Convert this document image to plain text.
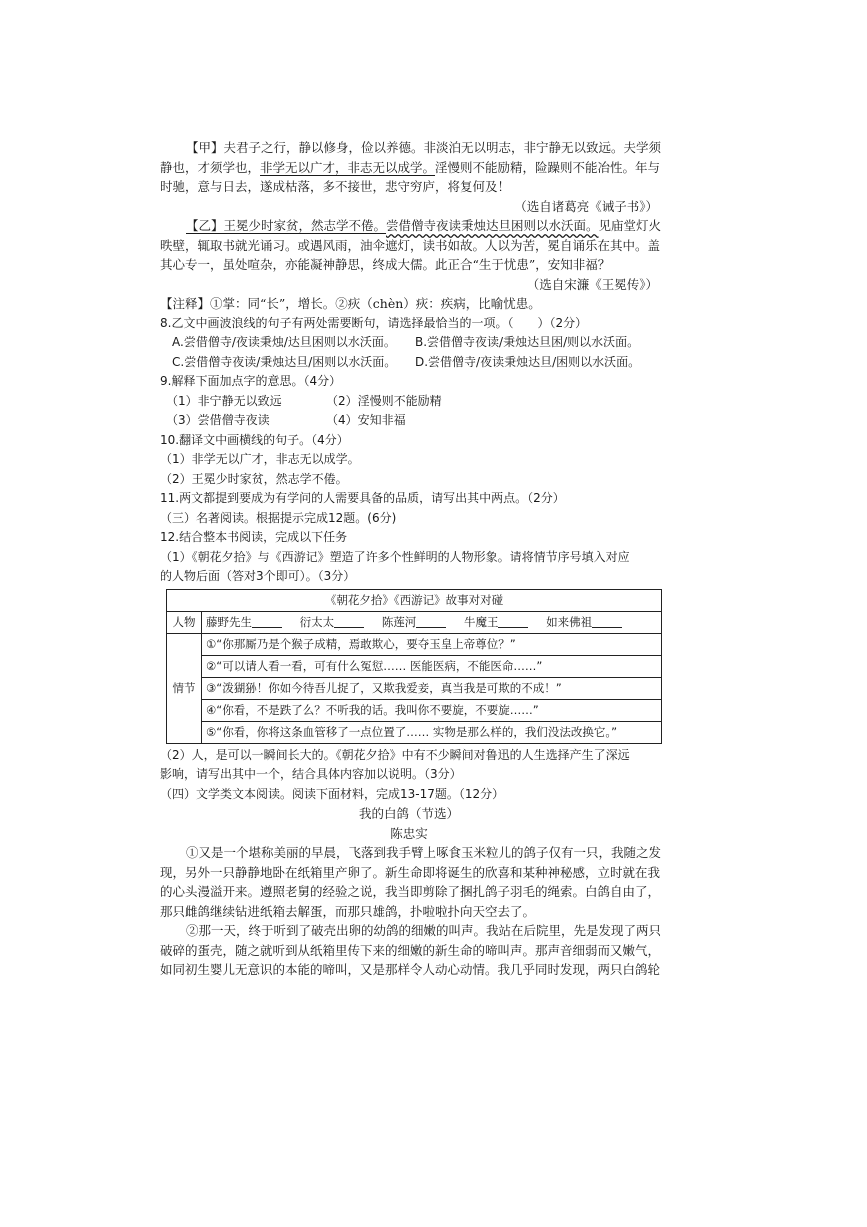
【甲】夫君子之行，静以修身，俭以养德。非淡泊无以明志，非宁静无以致远。夫学须
静也，才须学也，非学无以广才，非志无以成学。淫慢则不能励精，险躁则不能冶性。年与
时驰，意与日去，遂成枯落，多不接世，悲守穷庐，将复何及！
（选自诸葛亮《诫子书》）
【乙】王冕少时家贫，然志学不倦。尝借僧寺夜读秉烛达旦困则以水沃面。见庙堂灯火
昳壁，辄取书就光诵习。或遇风雨，油伞遮灯，读书如故。人以为苦，冕自诵乐在其中。盖
其心专一，虽处喧杂，亦能凝神静思，终成大儒。此正合“生于忧患”，安知非福？
（选自宋濂《王冕传》）
【注释】①掌：同“长”，增长。②疢（chèn）疢：疾病，比喻忧患。
8.乙文中画波浪线的句子有两处需要断句，请选择最恰当的一项。（　　）（2分）
A.尝借僧寺/夜读秉烛/达旦困则以水沃面。	B.尝借僧寺夜读/秉烛达旦困/则以水沃面。
C.尝借僧寺夜读/秉烛达旦/困则以水沃面。	D.尝借僧寺/夜读秉烛达旦/困则以水沃面。
9.解释下面加点字的意思。（4分）
（1）非宁静无以致远	（2）淫慢则不能励精
（3）尝借僧寺夜读	（4）安知非福
10.翻译文中画横线的句子。（4分）
（1）非学无以广才，非志无以成学。
（2）王冕少时家贫，然志学不倦。
11.两文都提到要成为有学问的人需要具备的品质，请写出其中两点。（2分）
（三）名著阅读。根据提示完成12题。(6分)
12.结合整本书阅读，完成以下任务
（1）《朝花夕拾》与《西游记》塑造了许多个性鲜明的人物形象。请将情节序号填入对应
的人物后面（答对3个即可）。（3分）
《朝花夕拾》《西游记》故事对对碰	
人物	藤野先生 衍太太 陈莲河 牛魔王 如来佛祖
情节	①“你那厮乃是个猴子成精，焉敢欺心，要夺玉皇上帝尊位？”
	②“可以请人看一看，可有什么冤愆…… 医能医病，不能医命……”
	③“泼猢狲！你如今待吾儿捉了，又欺我爱妾，真当我是可欺的不成！”
	④“你看，不是跌了么？不听我的话。我叫你不要旋，不要旋……”
	⑤“你看，你将这条血管移了一点位置了…… 实物是那么样的，我们没法改换它。”
（2）人，是可以一瞬间长大的。《朝花夕拾》中有不少瞬间对鲁迅的人生选择产生了深远
影响，请写出其中一个，结合具体内容加以说明。（3分）
（四）文学类文本阅读。阅读下面材料，完成13-17题。（12分）
我的白鸽（节选）
陈忠实
①又是一个堪称美丽的早晨，飞落到我手臂上啄食玉米粒儿的鸽子仅有一只，我随之发
现，另外一只静静地卧在纸箱里产卵了。新生命即将诞生的欣喜和某种神秘感，立时就在我
的心头漫溢开来。遵照老舅的经验之说，我当即剪除了捆扎鸽子羽毛的绳索。白鸽自由了，
那只雌鸽继续钻进纸箱去解蛋，而那只雄鸽，扑啦啦扑向天空去了。
②那一天，终于听到了破壳出卵的幼鸽的细嫩的叫声。我站在后院里，先是发现了两只
破碎的蛋壳，随之就听到从纸箱里传下来的细嫩的新生命的啼叫声。那声音细弱而又嫩气，
如同初生婴儿无意识的本能的啼叫，又是那样令人动心动情。我几乎同时发现，两只白鸽轮
